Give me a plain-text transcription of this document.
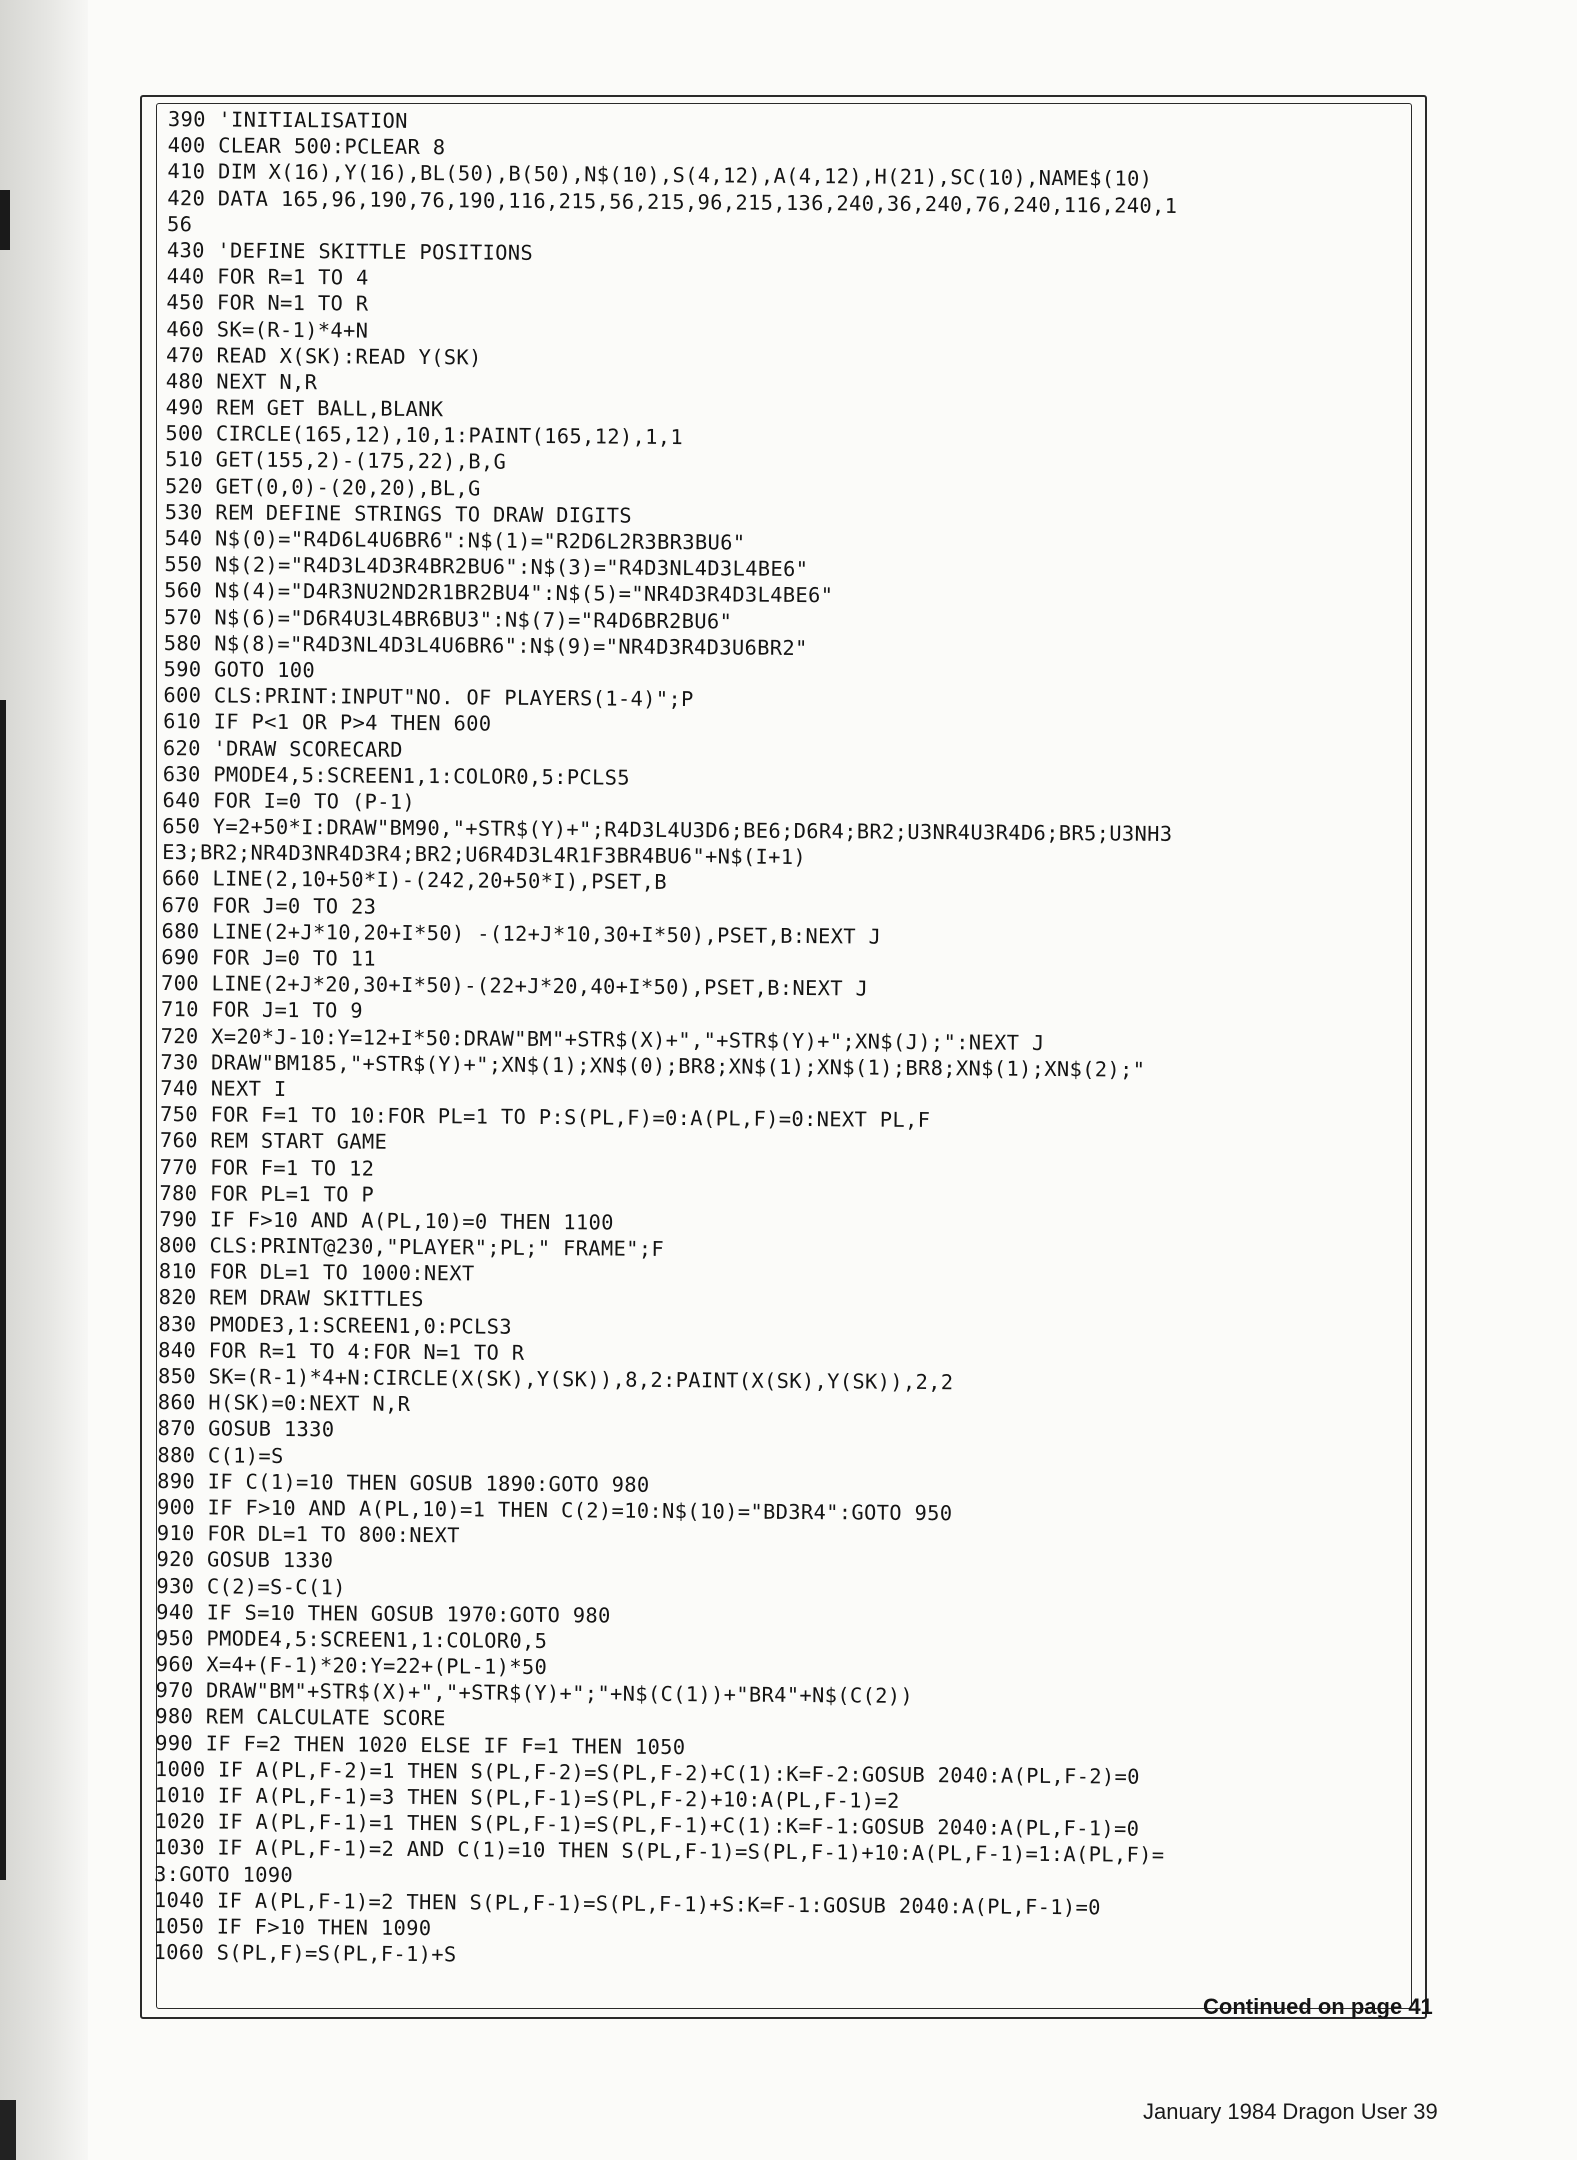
390 'INITIALISATION
400 CLEAR 500:PCLEAR 8
410 DIM X(16),Y(16),BL(50),B(50),N$(10),S(4,12),A(4,12),H(21),SC(10),NAME$(10)
420 DATA 165,96,190,76,190,116,215,56,215,96,215,136,240,36,240,76,240,116,240,1
56
430 'DEFINE SKITTLE POSITIONS
440 FOR R=1 TO 4
450 FOR N=1 TO R
460 SK=(R-1)*4+N
470 READ X(SK):READ Y(SK)
480 NEXT N,R
490 REM GET BALL,BLANK
500 CIRCLE(165,12),10,1:PAINT(165,12),1,1
510 GET(155,2)-(175,22),B,G
520 GET(0,0)-(20,20),BL,G
530 REM DEFINE STRINGS TO DRAW DIGITS
540 N$(0)="R4D6L4U6BR6":N$(1)="R2D6L2R3BR3BU6"
550 N$(2)="R4D3L4D3R4BR2BU6":N$(3)="R4D3NL4D3L4BE6"
560 N$(4)="D4R3NU2ND2R1BR2BU4":N$(5)="NR4D3R4D3L4BE6"
570 N$(6)="D6R4U3L4BR6BU3":N$(7)="R4D6BR2BU6"
580 N$(8)="R4D3NL4D3L4U6BR6":N$(9)="NR4D3R4D3U6BR2"
590 GOTO 100
600 CLS:PRINT:INPUT"NO. OF PLAYERS(1-4)";P
610 IF P<1 OR P>4 THEN 600
620 'DRAW SCORECARD
630 PMODE4,5:SCREEN1,1:COLOR0,5:PCLS5
640 FOR I=0 TO (P-1)
650 Y=2+50*I:DRAW"BM90,"+STR$(Y)+";R4D3L4U3D6;BE6;D6R4;BR2;U3NR4U3R4D6;BR5;U3NH3
E3;BR2;NR4D3NR4D3R4;BR2;U6R4D3L4R1F3BR4BU6"+N$(I+1)
660 LINE(2,10+50*I)-(242,20+50*I),PSET,B
670 FOR J=0 TO 23
680 LINE(2+J*10,20+I*50) -(12+J*10,30+I*50),PSET,B:NEXT J
690 FOR J=0 TO 11
700 LINE(2+J*20,30+I*50)-(22+J*20,40+I*50),PSET,B:NEXT J
710 FOR J=1 TO 9
720 X=20*J-10:Y=12+I*50:DRAW"BM"+STR$(X)+","+STR$(Y)+";XN$(J);":NEXT J
730 DRAW"BM185,"+STR$(Y)+";XN$(1);XN$(0);BR8;XN$(1);XN$(1);BR8;XN$(1);XN$(2);"
740 NEXT I
750 FOR F=1 TO 10:FOR PL=1 TO P:S(PL,F)=0:A(PL,F)=0:NEXT PL,F
760 REM START GAME
770 FOR F=1 TO 12
780 FOR PL=1 TO P
790 IF F>10 AND A(PL,10)=0 THEN 1100
800 CLS:PRINT@230,"PLAYER";PL;" FRAME";F
810 FOR DL=1 TO 1000:NEXT
820 REM DRAW SKITTLES
830 PMODE3,1:SCREEN1,0:PCLS3
840 FOR R=1 TO 4:FOR N=1 TO R
850 SK=(R-1)*4+N:CIRCLE(X(SK),Y(SK)),8,2:PAINT(X(SK),Y(SK)),2,2
860 H(SK)=0:NEXT N,R
870 GOSUB 1330
880 C(1)=S
890 IF C(1)=10 THEN GOSUB 1890:GOTO 980
900 IF F>10 AND A(PL,10)=1 THEN C(2)=10:N$(10)="BD3R4":GOTO 950
910 FOR DL=1 TO 800:NEXT
920 GOSUB 1330
930 C(2)=S-C(1)
940 IF S=10 THEN GOSUB 1970:GOTO 980
950 PMODE4,5:SCREEN1,1:COLOR0,5
960 X=4+(F-1)*20:Y=22+(PL-1)*50
970 DRAW"BM"+STR$(X)+","+STR$(Y)+";"+N$(C(1))+"BR4"+N$(C(2))
980 REM CALCULATE SCORE
990 IF F=2 THEN 1020 ELSE IF F=1 THEN 1050
1000 IF A(PL,F-2)=1 THEN S(PL,F-2)=S(PL,F-2)+C(1):K=F-2:GOSUB 2040:A(PL,F-2)=0
1010 IF A(PL,F-1)=3 THEN S(PL,F-1)=S(PL,F-2)+10:A(PL,F-1)=2
1020 IF A(PL,F-1)=1 THEN S(PL,F-1)=S(PL,F-1)+C(1):K=F-1:GOSUB 2040:A(PL,F-1)=0
1030 IF A(PL,F-1)=2 AND C(1)=10 THEN S(PL,F-1)=S(PL,F-1)+10:A(PL,F-1)=1:A(PL,F)=
3:GOTO 1090
1040 IF A(PL,F-1)=2 THEN S(PL,F-1)=S(PL,F-1)+S:K=F-1:GOSUB 2040:A(PL,F-1)=0
1050 IF F>10 THEN 1090
1060 S(PL,F)=S(PL,F-1)+S
Continued on page 41
January 1984 Dragon User 39
